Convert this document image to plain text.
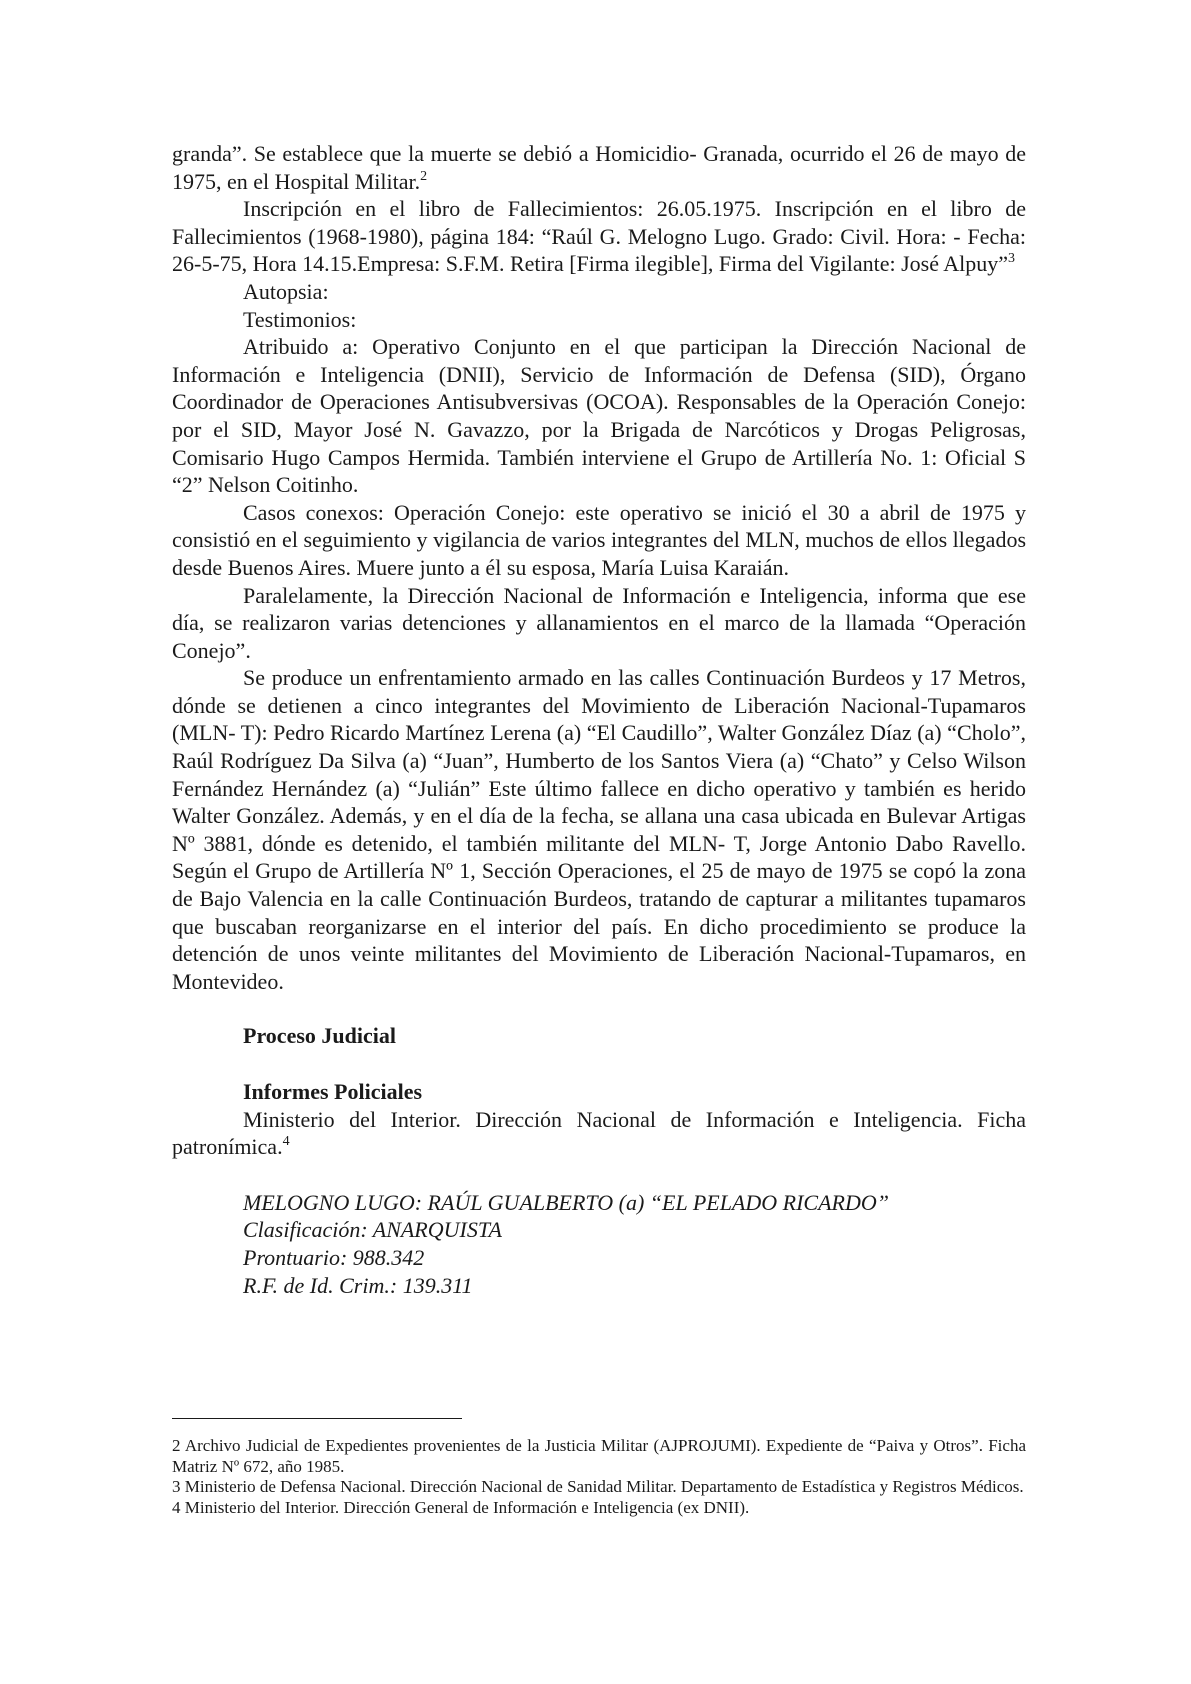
granda”. Se establece que la muerte se debió a Homicidio- Granada, ocurrido el 26 de mayo de 1975, en el Hospital Militar.$^2$

Inscripción en el libro de Fallecimientos: 26.05.1975. Inscripción en el libro de Fallecimientos (1968-1980), página 184: “Raúl G. Melogno Lugo. Grado: Civil. Hora: - Fecha: 26-5-75, Hora 14.15.Empresa: S.F.M. Retira [Firma ilegible], Firma del Vigilante: José Alpuy”$^3$

Autopsia:

Testimonios:

Atribuido a: Operativo Conjunto en el que participan la Dirección Nacional de Información e Inteligencia (DNII), Servicio de Información de Defensa (SID), Órgano Coordinador de Operaciones Antisubversivas (OCOA). Responsables de la Operación Conejo: por el SID, Mayor José N. Gavazzo, por la Brigada de Narcóticos y Drogas Peligrosas, Comisario Hugo Campos Hermida. También interviene el Grupo de Artillería No. 1: Oficial S “2” Nelson Coitinho.

Casos conexos: Operación Conejo: este operativo se inició el 30 a abril de 1975 y consistió en el seguimiento y vigilancia de varios integrantes del MLN, muchos de ellos llegados desde Buenos Aires. Muere junto a él su esposa, María Luisa Karaián.

Paralelamente, la Dirección Nacional de Información e Inteligencia, informa que ese día, se realizaron varias detenciones y allanamientos en el marco de la llamada “Operación Conejo”.

Se produce un enfrentamiento armado en las calles Continuación Burdeos y 17 Metros, dónde se detienen a cinco integrantes del Movimiento de Liberación Nacional-Tupamaros (MLN- T): Pedro Ricardo Martínez Lerena (a) “El Caudillo”, Walter González Díaz (a) “Cholo”, Raúl Rodríguez Da Silva (a) “Juan”, Humberto de los Santos Viera (a) “Chato” y Celso Wilson Fernández Hernández (a) “Julián” Este último fallece en dicho operativo y también es herido Walter González. Además, y en el día de la fecha, se allana una casa ubicada en Bulevar Artigas Nº 3881, dónde es detenido, el también militante del MLN- T, Jorge Antonio Dabo Ravello. Según el Grupo de Artillería Nº 1, Sección Operaciones, el 25 de mayo de 1975 se copó la zona de Bajo Valencia en la calle Continuación Burdeos, tratando de capturar a militantes tupamaros que buscaban reorganizarse en el interior del país. En dicho procedimiento se produce la detención de unos veinte militantes del Movimiento de Liberación Nacional-Tupamaros, en Montevideo.

Proceso Judicial

Informes Policiales

Ministerio del Interior. Dirección Nacional de Información e Inteligencia. Ficha patronímica.$^4$

MELOGNO LUGO: RAÚL GUALBERTO (a) “EL PELADO RICARDO”
Clasificación: ANARQUISTA
Prontuario: 988.342
R.F. de Id. Crim.: 139.311

2 Archivo Judicial de Expedientes provenientes de la Justicia Militar (AJPROJUMI). Expediente de “Paiva y Otros”. Ficha Matriz Nº 672, año 1985.

3 Ministerio de Defensa Nacional. Dirección Nacional de Sanidad Militar. Departamento de Estadística y Registros Médicos.

4 Ministerio del Interior. Dirección General de Información e Inteligencia (ex DNII).
